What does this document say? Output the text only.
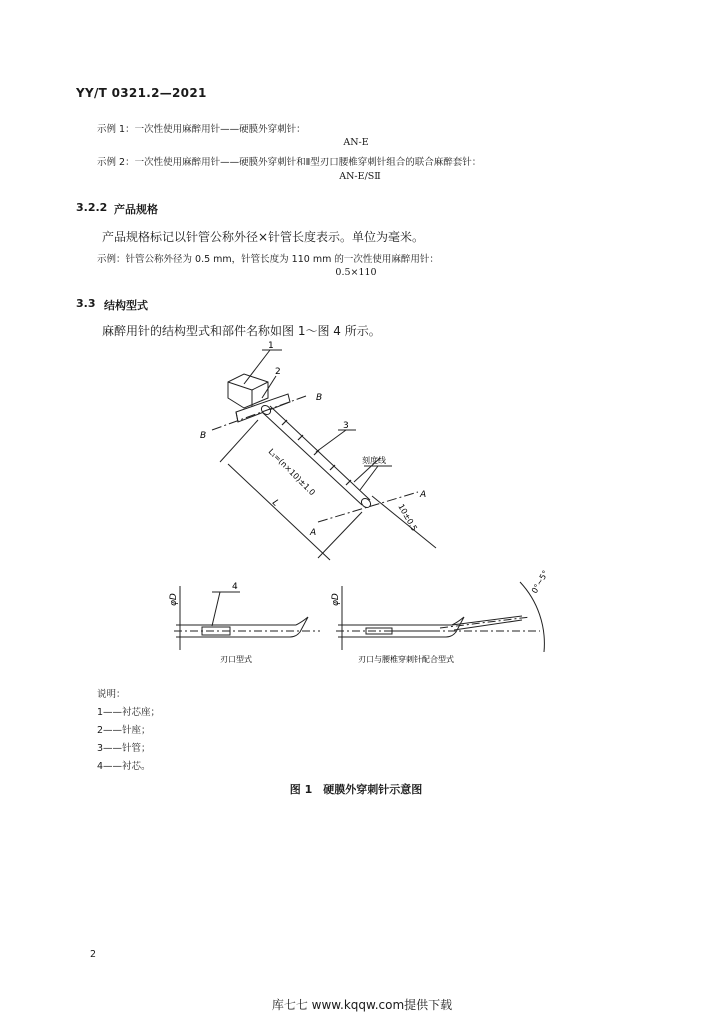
YY/T 0321.2—2021
示例 1：一次性使用麻醉用针——硬膜外穿刺针：
AN-E
示例 2：一次性使用麻醉用针——硬膜外穿刺针和Ⅱ型刃口腰椎穿刺针组合的联合麻醉套针：
AN-E/SⅡ
3.2.2 产品规格
产品规格标记以针管公称外径×针管长度表示。单位为毫米。
示例：针管公称外径为 0.5 mm，针管长度为 110 mm 的一次性使用麻醉用针：
0.5×110
3.3 结构型式
麻醉用针的结构型式和部件名称如图 1～图 4 所示。
1
2
3
B
B
A
A
刻度线
L₁=(n×10)±1.0
L	10±0.5
4
φD
刃口型式
φD
0°~5°
刃口与腰椎穿刺针配合型式
说明：
1——衬芯座；
2——针座；
3——针管；
4——衬芯。
图 1　硬膜外穿刺针示意图
2
库七七 www.kqqw.com提供下载
